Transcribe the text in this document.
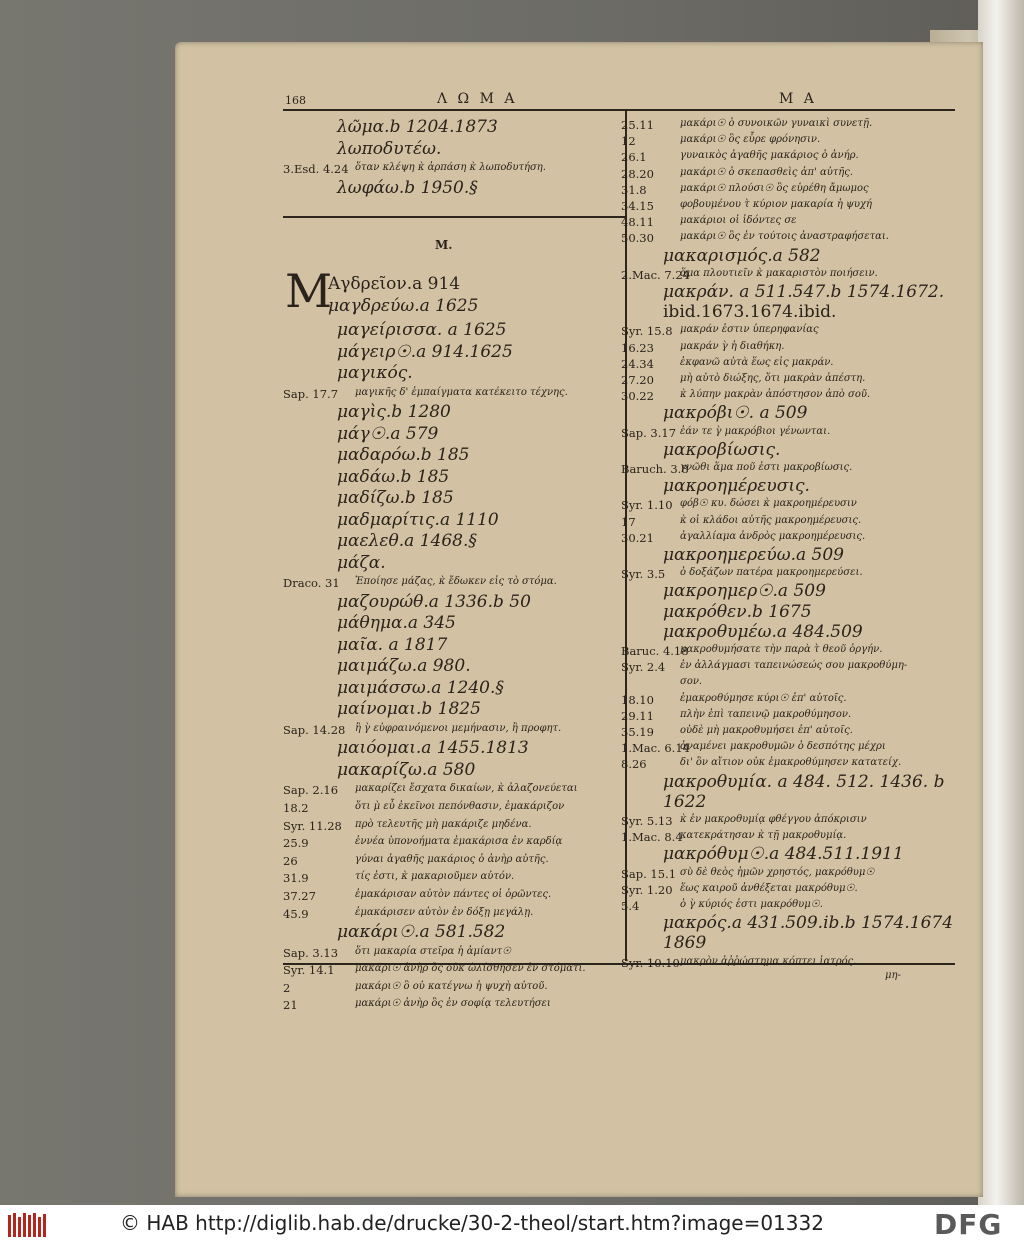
168	Λ Ω Μ Α	Μ Α
λῶμα.b 1204.1873
λωποδυτέω.
3.Esd. 4.24 ὅταν κλέψη κ̀ ἀρπάση κ̀ λωποδυτήση.
λωφάω.b 1950.§
M.
M
Αγδρεῖον.a 914
μαγδρεύω.a 1625
μαγείρισσα. a 1625
μάγειρ☉.a 914.1625
μαγικός.
Sap. 17.7 μαγικῆς δ' ἐμπαίγματα κατέκειτο τέχνης.
μαγὶς.b 1280
μάγ☉.a 579
μαδαρόω.b 185
μαδάω.b 185
μαδίζω.b 185
μαδμαρίτις.a 1110
μαελεθ.a 1468.§
μάζα.
Draco. 31 Ἐποίησε μάζας, κ̀ ἔδωκεν εἰς τὸ στόμα.
μαζουρώθ.a 1336.b 50
μάθημα.a 345
μαῖα. a 1817
μαιμάζω.a 980.
μαιμάσσω.a 1240.§
μαίνομαι.b 1825
Sap. 14.28 ἢ γ̀ εὐφραινόμενοι μεμήνασιν, ἢ προφητ.
μαιόομαι.a 1455.1813
μακαρίζω.a 580
Sap. 2.16 μακαρίζει ἔσχατα δικαίων, κ̀ ἀλαζονεύεται
18.2	ὅτι μ̀ εὖ ἐκεῖνοι πεπόνθασιν, ἐμακάριζον
Syr. 11.28 πρὸ τελευτῆς μὴ μακάριζε μηδένα.
25.9	ἐννέα ὑπονοήματα ἐμακάρισα ἐν καρδίᾳ
26	γύναι ἀγαθῆς μακάριος ὁ ἀνὴρ αὐτῆς.
31.9	τίς ἐστι, κ̀ μακαριοῦμεν αὐτόν.
37.27	ἐμακάρισαν αὐτὸν πάντες οἱ ὁρῶντες.
45.9	ἐμακάρισεν αὐτὸν ἐν δόξῃ μεγάλῃ.
μακάρι☉.a 581.582
Sap. 3.13 ὅτι μακαρία στεῖρα ἡ ἀμίαντ☉
Syr. 14.1 μακάρι☉ ἀνὴρ ὃς οὐκ ὠλίσθησεν ἐν στόματι.
2	μακάρι☉ ὃ οὐ κατέγνω ἡ ψυχὴ αὐτοῦ.
21	μακάρι☉ ἀνὴρ ὃς ἐν σοφίᾳ τελευτήσει
25.11	μακάρι☉ ὁ συνοικῶν γυναικὶ συνετῇ.
12	μακάρι☉ ὃς εὗρε φρόνησιν.
26.1	γυναικὸς ἀγαθῆς μακάριος ὁ ἀνήρ.
28.20	μακάρι☉ ὁ σκεπασθεὶς ἀπ' αὐτῆς.
31.8	μακάρι☉ πλούσι☉ ὃς εὑρέθη ἄμωμος
34.15	φοβουμένου τ̀ κύριον μακαρία ἡ ψυχή
48.11	μακάριοι οἱ ἰδόντες σε
50.30	μακάρι☉ ὃς ἐν τούτοις ἀναστραφήσεται.
μακαρισμός.a 582
2.Mac. 7.24
ἅμα πλουτιεῖν κ̀ μακαριστὸν ποιήσειν.
μακράν. a 511.547.b 1574.1672.
ibid.1673.1674.ibid.
Syr. 15.8 μακράν ἐστιν ὑπερηφανίας
16.23	μακράν γ̀ ἡ διαθήκη.
24.34	ἐκφανῶ αὐτὰ ἕως εἰς μακράν.
27.20	μὴ αὐτὸ διώξης, ὅτι μακρὰν ἀπέστη.
30.22	κ̀ λύπην μακρὰν ἀπόστησον ἀπὸ σοῦ.
μακρόβι☉. a 509
Sap. 3.17 ἐάν τε γ̀ μακρόβιοι γένωνται.
μακροβίωσις.
Baruch. 3.8
γνῶθι ἅμα ποῦ ἐστι μακροβίωσις.
μακροημέρευσις.
Syr. 1.10 φόβ☉ κυ. δώσει κ̀ μακροημέρευσιν
17	κ̀ οἱ κλάδοι αὐτῆς μακροημέρευσις.
30.21	ἀγαλλίαμα ἀνδρὸς μακροημέρευσις.
μακροημερεύω.a 509
Syr. 3.5 ὁ δοξάζων πατέρα μακροημερεύσει.
μακροημερ☉.a 509
μακρόθεν.b 1675
μακροθυμέω.a 484.509
Baruc. 4.18
μακροθυμήσατε τὴν παρὰ τ̀ θεοῦ ὀργήν.
Syr. 2.4 ἐν ἀλλάγμασι ταπεινώσεώς σου μακροθύμη-
σον.
18.10	ἐμακροθύμησε κύρι☉ ἐπ' αὐτοῖς.
29.11	πλὴν ἐπὶ ταπεινῷ μακροθύμησον.
35.19	οὐδὲ μὴ μακροθυμήσει ἐπ' αὐτοῖς.
1.Mac. 6.14
ἀναμένει μακροθυμῶν ὁ δεσπότης μέχρι
8.26	δι' ὃν αἴτιον οὐκ ἐμακροθύμησεν κατατείχ.
μακροθυμία. a 484. 512. 1436. b
1622
Syr. 5.13 κ̀ ἐν μακροθυμίᾳ φθέγγου ἀπόκρισιν
1.Mac. 8.4
κατεκράτησαν κ̀ τῇ μακροθυμίᾳ.
μακρόθυμ☉.a 484.511.1911
Sap. 15.1 σὺ δὲ θεὸς ἡμῶν χρηστός, μακρόθυμ☉
Syr. 1.20 ἕως καιροῦ ἀνθέξεται μακρόθυμ☉.
5.4	ὁ γ̀ κύριός ἐστι μακρόθυμ☉.
μακρός.a 431.509.ib.b 1574.1674
1869
Syr. 10.10 μακρὸν ἀῤῥώστημα κόπτει ἰατρός.
μη-
© HAB http://diglib.hab.de/drucke/30-2-theol/start.htm?image=01332	DFG
